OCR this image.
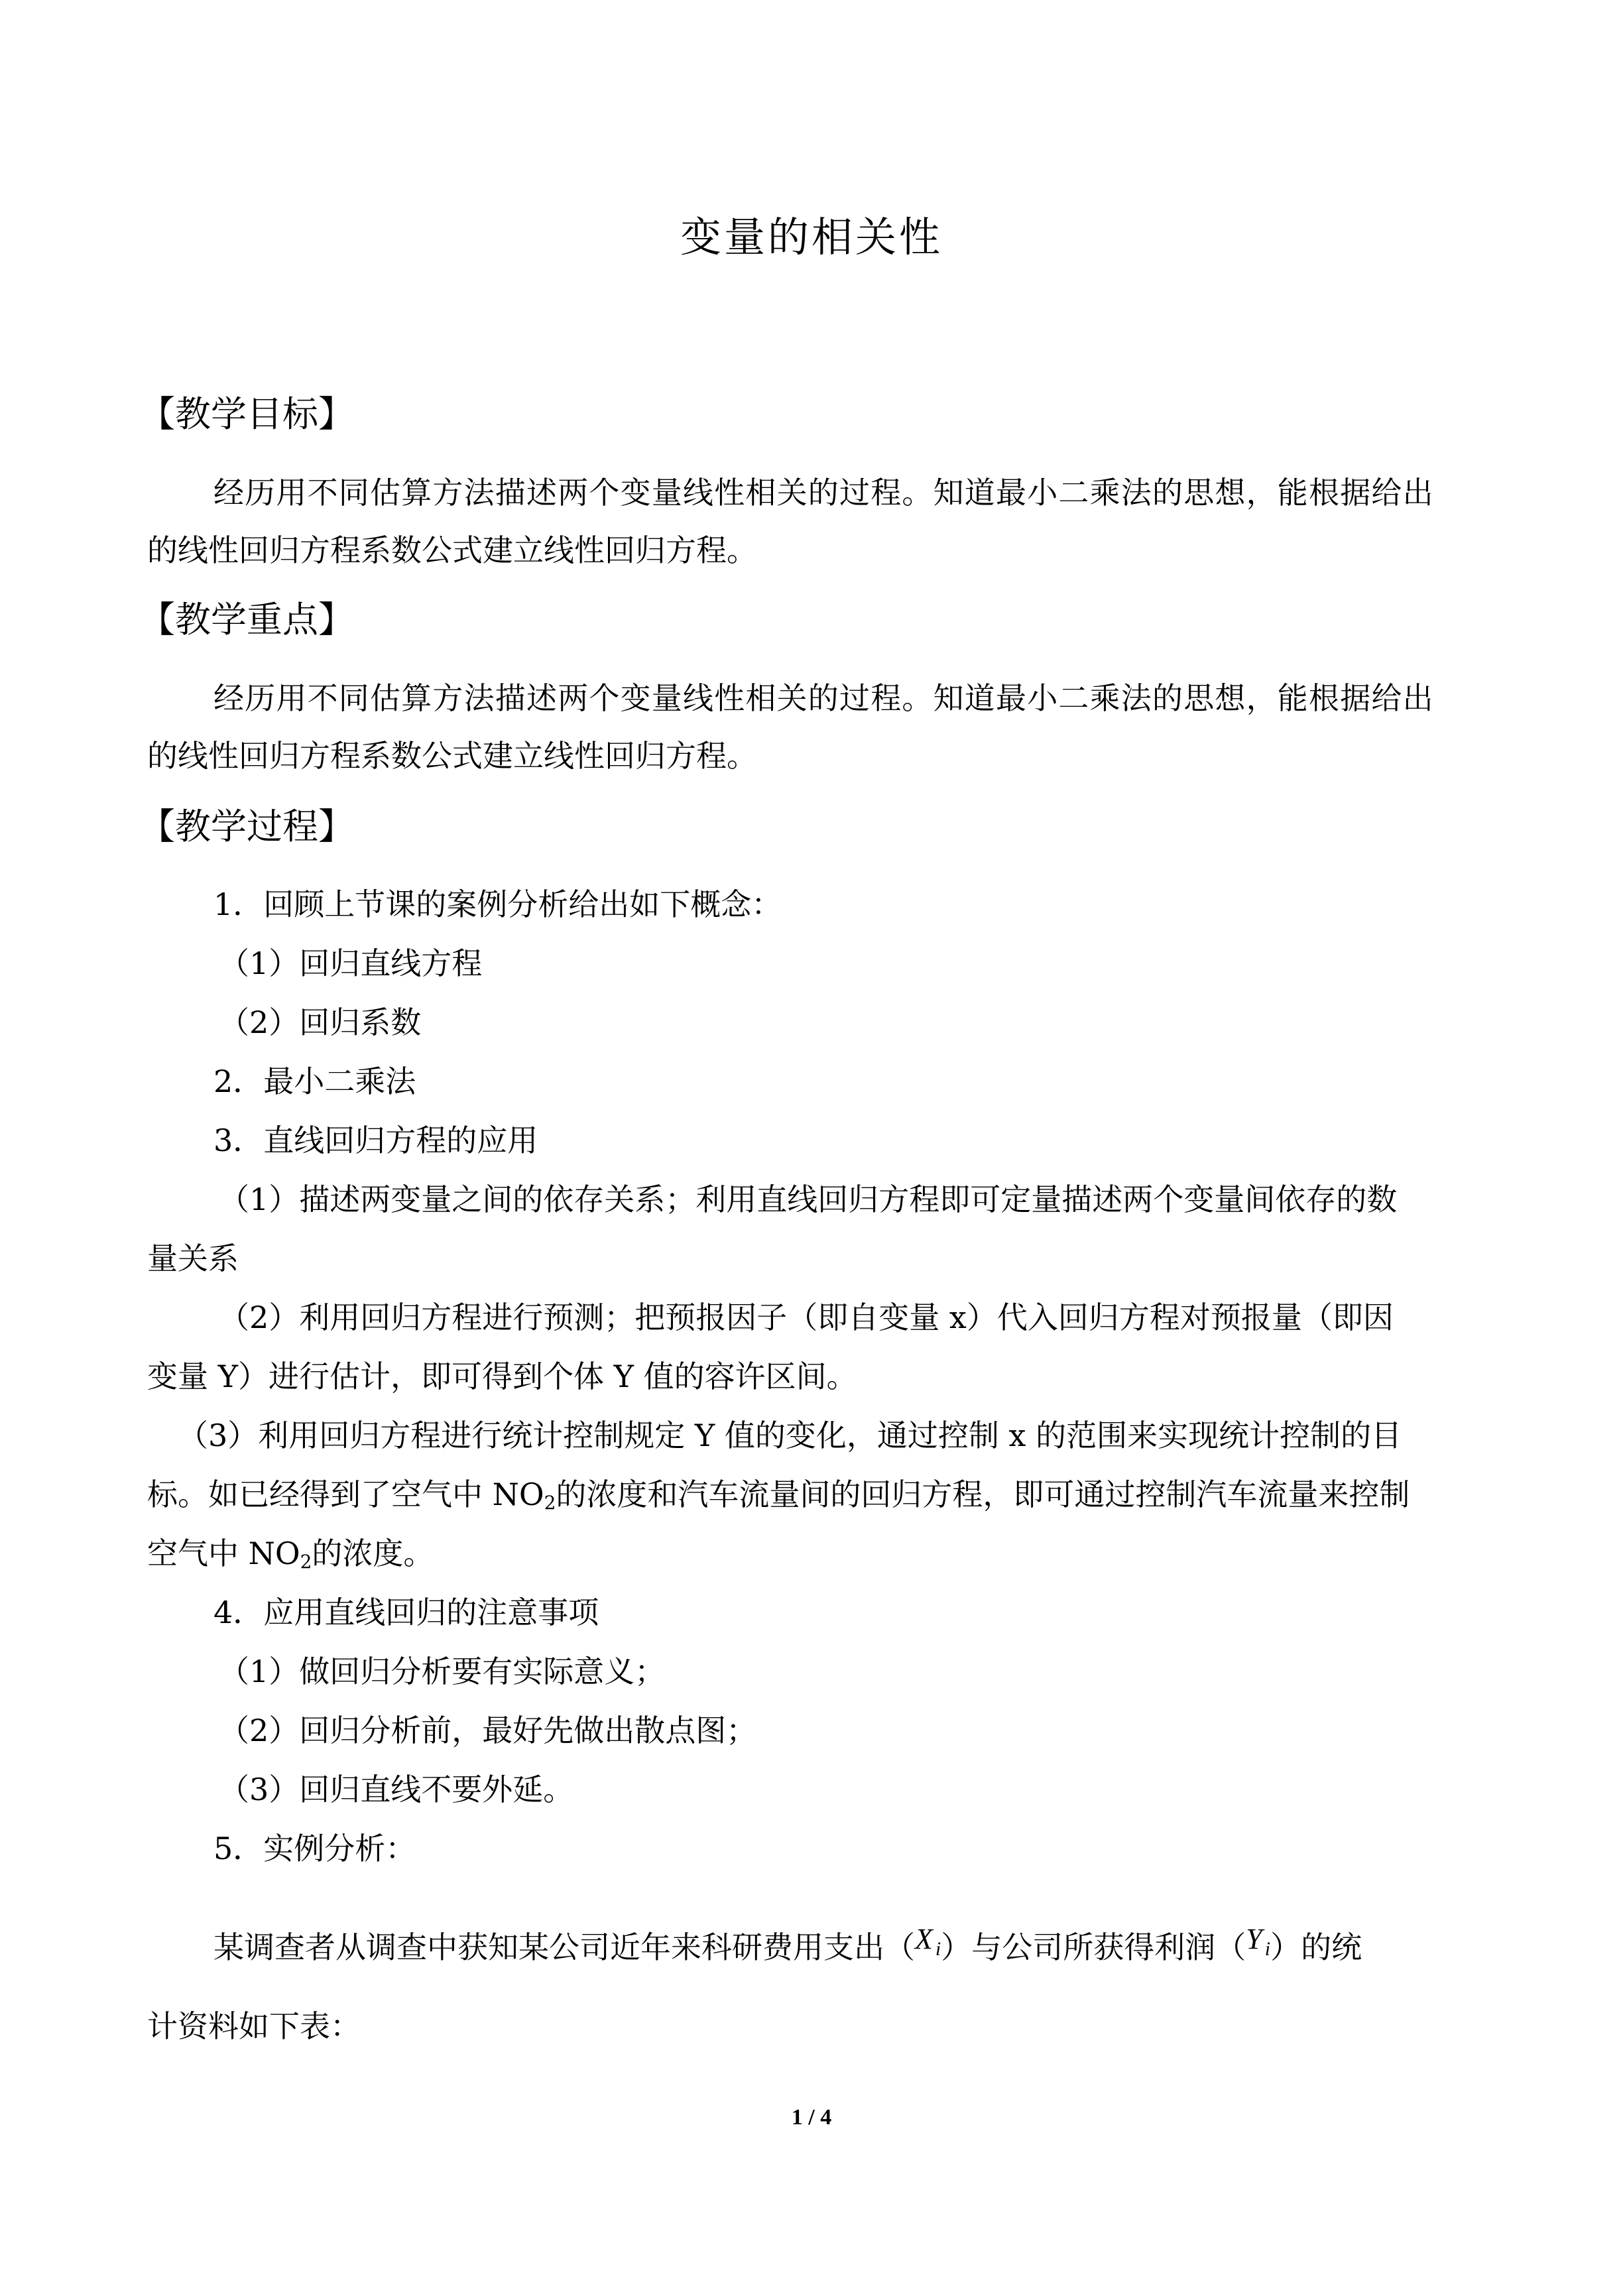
变量的相关性
【教学目标】
经历用不同估算方法描述两个变量线性相关的过程。知道最小二乘法的思想，能根据给出
的线性回归方程系数公式建立线性回归方程。
【教学重点】
经历用不同估算方法描述两个变量线性相关的过程。知道最小二乘法的思想，能根据给出
的线性回归方程系数公式建立线性回归方程。
【教学过程】
1．回顾上节课的案例分析给出如下概念：
（1）回归直线方程
（2）回归系数
2．最小二乘法
3．直线回归方程的应用
（1）描述两变量之间的依存关系；利用直线回归方程即可定量描述两个变量间依存的数
量关系
（2）利用回归方程进行预测；把预报因子（即自变量 x）代入回归方程对预报量（即因
变量 Y）进行估计，即可得到个体 Y 值的容许区间。
（3）利用回归方程进行统计控制规定 Y 值的变化，通过控制 x 的范围来实现统计控制的目
标。如已经得到了空气中 $NO_2$的浓度和汽车流量间的回归方程，即可通过控制汽车流量来控制
空气中 $NO_2$的浓度。
4．应用直线回归的注意事项
（1）做回归分析要有实际意义；
（2）回归分析前，最好先做出散点图；
（3）回归直线不要外延。
5．实例分析：
某调查者从调查中获知某公司近年来科研费用支出（X i）与公司所获得利润（Y i）的统
计资料如下表：
1 / 4
